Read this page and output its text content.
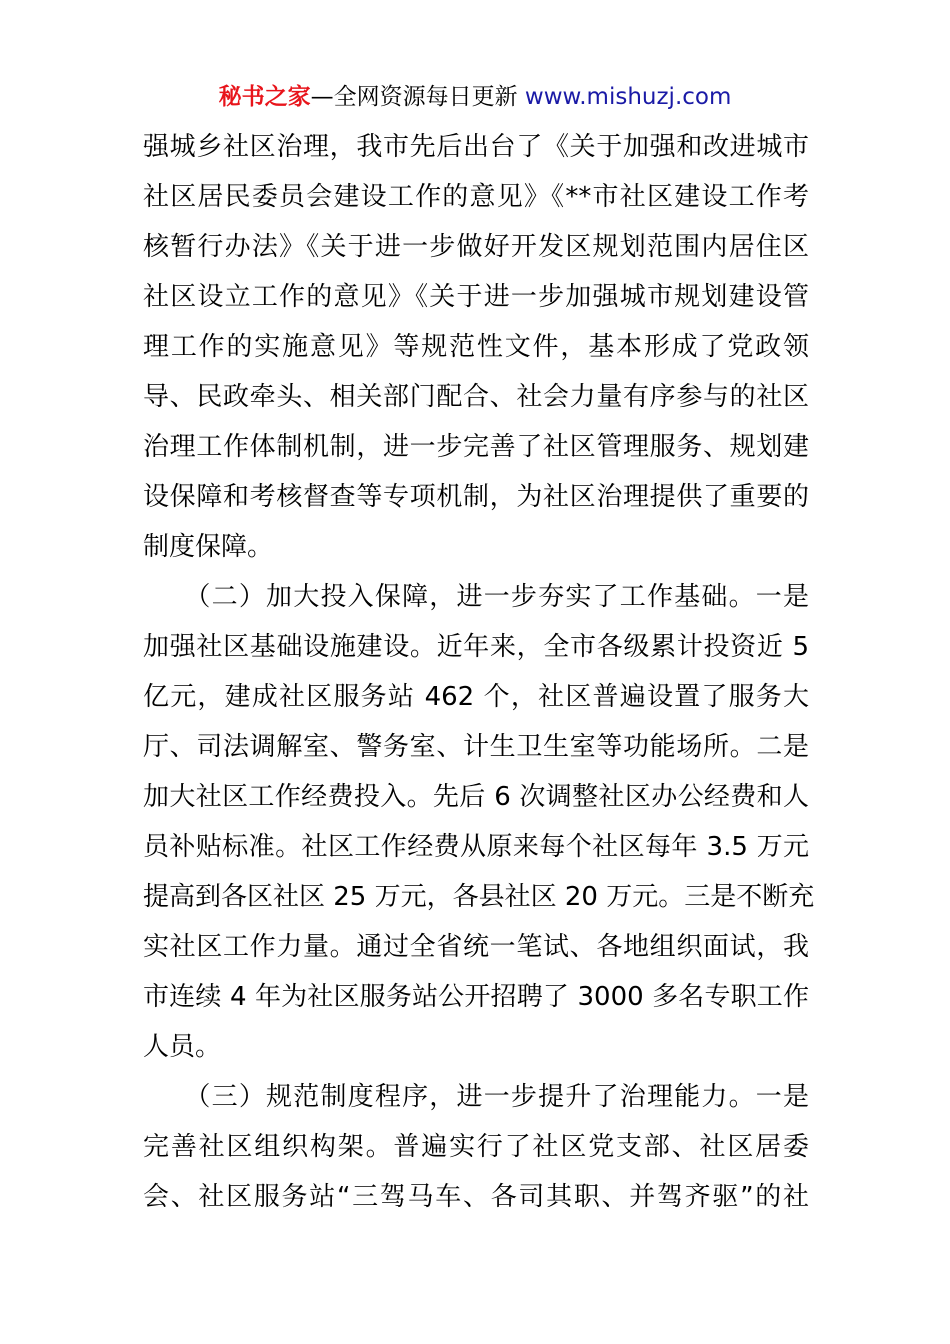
秘书之家—全网资源每日更新 www.mishuzj.com
强城乡社区治理，我市先后出台了《关于加强和改进城市
社区居民委员会建设工作的意见》《**市社区建设工作考
核暂行办法》《关于进一步做好开发区规划范围内居住区
社区设立工作的意见》《关于进一步加强城市规划建设管
理工作的实施意见》等规范性文件，基本形成了党政领
导、民政牵头、相关部门配合、社会力量有序参与的社区
治理工作体制机制，进一步完善了社区管理服务、规划建
设保障和考核督查等专项机制，为社区治理提供了重要的
制度保障。
　　（二）加大投入保障，进一步夯实了工作基础。一是
加强社区基础设施建设。近年来，全市各级累计投资近 5
亿元，建成社区服务站 462 个，社区普遍设置了服务大
厅、司法调解室、警务室、计生卫生室等功能场所。二是
加大社区工作经费投入。先后 6 次调整社区办公经费和人
员补贴标准。社区工作经费从原来每个社区每年 3.5 万元
提高到各区社区 25 万元，各县社区 20 万元。三是不断充
实社区工作力量。通过全省统一笔试、各地组织面试，我
市连续 4 年为社区服务站公开招聘了 3000 多名专职工作
人员。
　　（三）规范制度程序，进一步提升了治理能力。一是
完善社区组织构架。普遍实行了社区党支部、社区居委
会、社区服务站“三驾马车、各司其职、并驾齐驱”的社
